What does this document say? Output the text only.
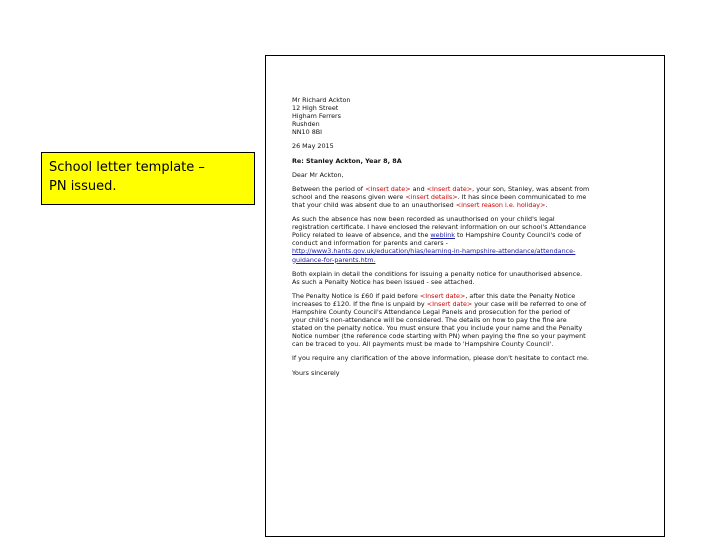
School letter template –
PN issued.
Mr Richard Ackton
12 High Street
Higham Ferrers
Rushden
NN10 8BI
26 May 2015
Re: Stanley Ackton, Year 8, 8A
Dear Mr Ackton,
Between the period of <Insert date> and <Insert date>, your son, Stanley, was absent from
school and the reasons given were <insert details>. It has since been communicated to me
that your child was absent due to an unauthorised <insert reason i.e. holiday>.
As such the absence has now been recorded as unauthorised on your child's legal
registration certificate. I have enclosed the relevant information on our school's Attendance
Policy related to leave of absence, and the weblink to Hampshire County Council's code of
conduct and information for parents and carers -
http://www3.hants.gov.uk/education/hias/learning-in-hampshire-attendance/attendance-
guidance-for-parents.htm.
Both explain in detail the conditions for issuing a penalty notice for unauthorised absence.
As such a Penalty Notice has been issued - see attached.
The Penalty Notice is £60 if paid before <Insert date>, after this date the Penalty Notice
increases to £120. If the fine is unpaid by <Insert date> your case will be referred to one of
Hampshire County Council's Attendance Legal Panels and prosecution for the period of
your child's non-attendance will be considered. The details on how to pay the fine are
stated on the penalty notice. You must ensure that you include your name and the Penalty
Notice number (the reference code starting with PN) when paying the fine so your payment
can be traced to you. All payments must be made to 'Hampshire County Council'.
If you require any clarification of the above information, please don't hesitate to contact me.
Yours sincerely
